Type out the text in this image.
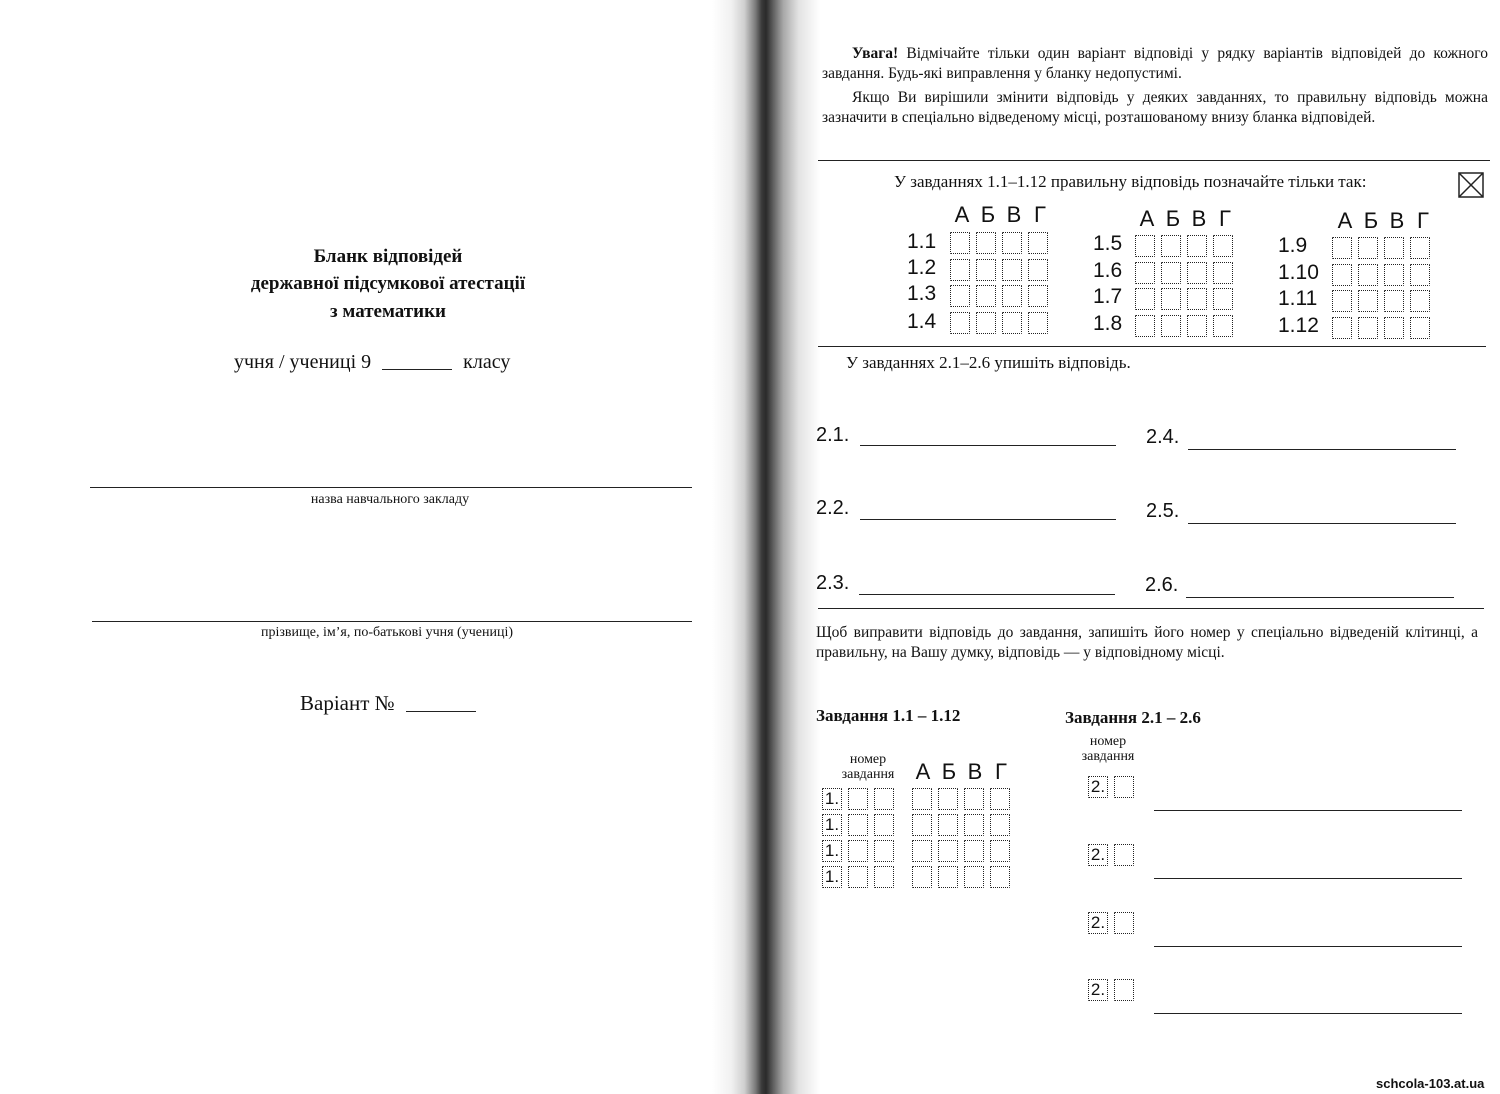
Бланк відповідей
державної підсумкової атестації
з математики
учня / учениці 9	класу
назва навчального закладу
прізвище, ім’я, по-батькові учня (учениці)
Варіант №
Увага! Відмічайте тільки один варіант відповіді у рядку варіантів відповідей до кожного завдання. Будь-які виправлення у бланку недопустимі.
Якщо Ви вирішили змінити відповідь у деяких завданнях, то правильну відповідь можна зазначити в спеціально відведеному місці, розташованому внизу бланка відповідей.
У завданнях 1.1–1.12 правильну відповідь позначайте тільки так:
А Б В Г
1.1
1.2
1.3
1.4
А Б В Г
1.5
1.6
1.7
1.8
А Б В Г
1.9
1.10
1.11
1.12
У завданнях 2.1–2.6 упишіть відповідь.
2.1.
2.2.
2.3.
2.4.
2.5.
2.6.
Щоб виправити відповідь до завдання, запишіть його номер у спеціально відведеній клітинці, а правильну, на Вашу думку, відповідь — у відповідному місці.
Завдання 1.1 – 1.12	Завдання 2.1 – 2.6
номер завдання А Б В Г
1.
1.
1.
1.
номер завдання
2.
2.
2.
2.
schcola-103.at.ua
